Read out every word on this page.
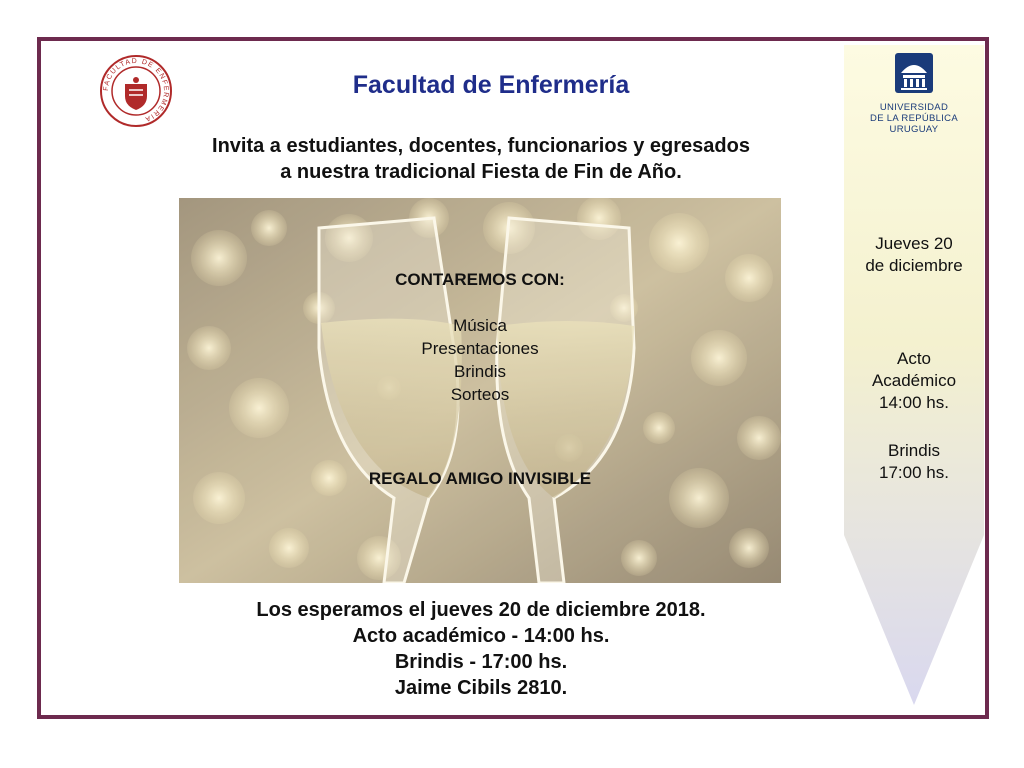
FACULTAD DE ENFERMERIA
Facultad de Enfermería
UNIVERSIDAD
DE LA REPÚBLICA
URUGUAY
Invita a estudiantes, docentes, funcionarios y egresados
a nuestra tradicional Fiesta de Fin de Año.
CONTAREMOS CON:
Música
Presentaciones
Brindis
Sorteos
REGALO AMIGO INVISIBLE
Los esperamos el jueves 20 de diciembre 2018.
Acto académico - 14:00 hs.
Brindis - 17:00 hs.
Jaime Cibils 2810.
Jueves 20
de diciembre
Acto
Académico
14:00 hs.
Brindis
17:00 hs.
